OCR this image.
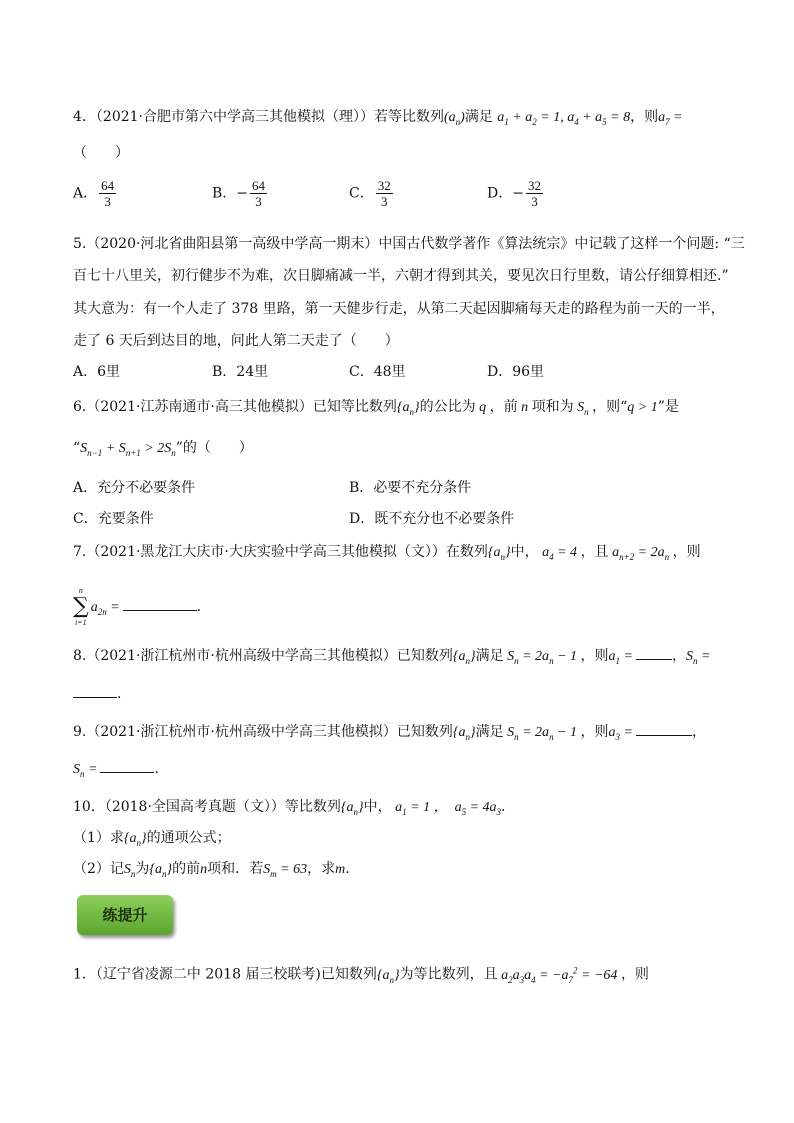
4．（2021·合肥市第六中学高三其他模拟（理））若等比数列$(a_n)$满足 $a_1 + a_2 = 1$, $a_4 + a_5 = 8$，则$a_7$ =
（　　）
A． $\frac{64}{3}$	B．− $\frac{64}{3}$	C． $\frac{32}{3}$	D．− $\frac{32}{3}$
5.（2020·河北省曲阳县第一高级中学高一期末）中国古代数学著作《算法统宗》中记载了这样一个问题: “三
百七十八里关，初行健步不为难，次日脚痛减一半，六朝才得到其关，要见次日行里数，请公仔细算相还.”
其大意为：有一个人走了 378 里路，第一天健步行走，从第二天起因脚痛每天走的路程为前一天的一半，
走了 6 天后到达目的地，问此人第二天走了（　　）
A．6里	B．24里	C．48里	D．96里
6.（2021·江苏南通市·高三其他模拟）已知等比数列$\{a_n\}$的公比为 q ，前 n 项和为 $S_n$ ，则“q > 1”是
“$S_{n-1} + S_{n+1} > 2S_n$”的（　　）
A．充分不必要条件	B．必要不充分条件
C．充要条件	D．既不充分也不必要条件
7.（2021·黑龙江大庆市·大庆实验中学高三其他模拟（文））在数列$\{a_n\}$中， $a_4 = 4$ ，且 $a_{n+2} = 2a_n$ ，则
n
∑
i=1
$a_{2n}$ =	.
8.（2021·浙江杭州市·杭州高级中学高三其他模拟）已知数列$\{a_n\}$满足 $S_n = 2a_n - 1$ ，则$a_1$ =	，$S_n$ =
.
9.（2021·浙江杭州市·杭州高级中学高三其他模拟）已知数列$\{a_n\}$满足 $S_n = 2a_n - 1$ ，则$a_3$ =	，
$S_n$ =	.
10．（2018·全国高考真题（文））等比数列$\{a_n\}$中， $a_1 = 1$ ，　$a_5 = 4a_3$.
（1）求$\{a_n\}$的通项公式；
（2）记$S_n$为$\{a_n\}$的前n项和．若$S_m = 63$，求m.
练提升
1．（辽宁省凌源二中 2018 届三校联考)已知数列$\{a_n\}$为等比数列，且 $a_2a_3a_4 = -a_7^2 = -64$ ，则
